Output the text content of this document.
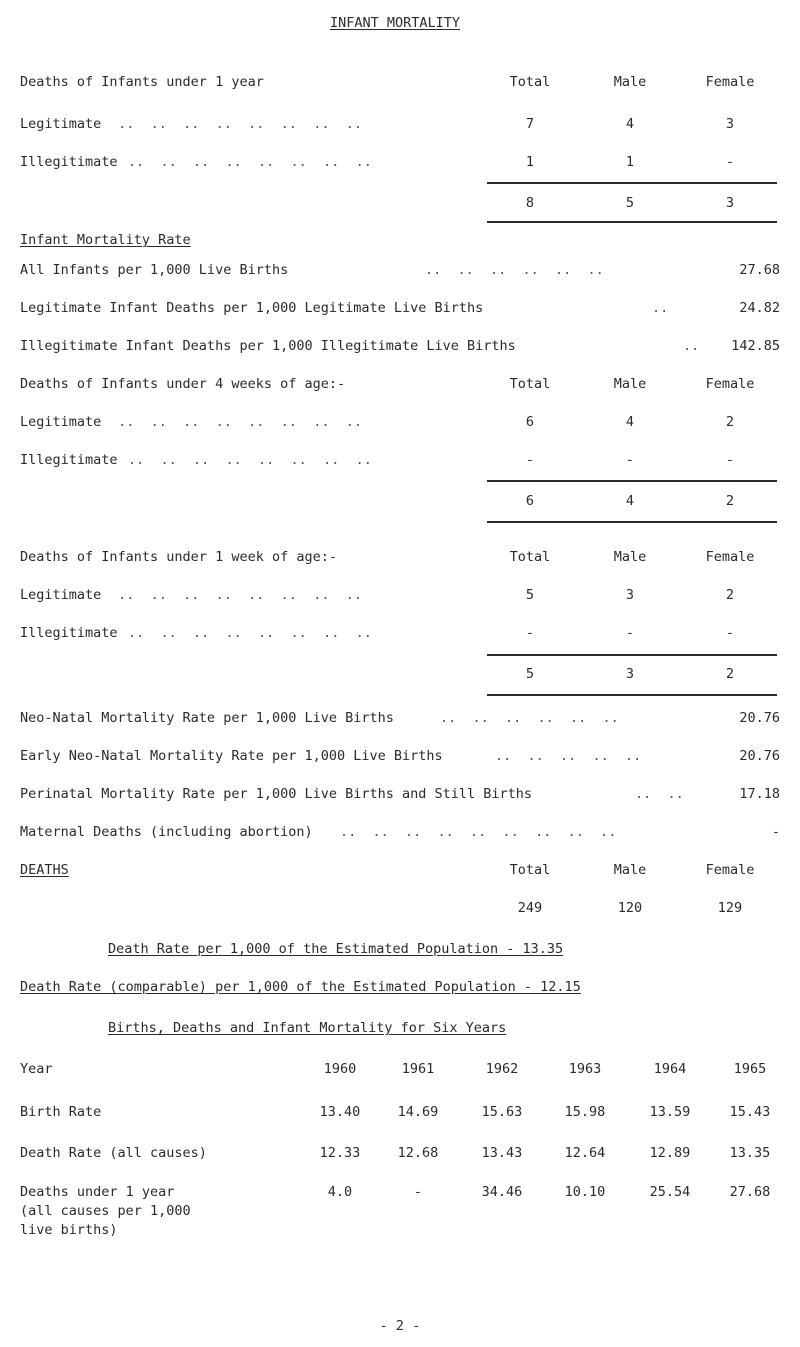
INFANT MORTALITY
Deaths of Infants under 1 year	Total	Male	Female
Legitimate ..  ..  ..  ..  ..  ..  ..  ..	7	4	3
Illegitimate ..  ..  ..  ..  ..  ..  ..  ..	1	1	-
8	5	3
Infant Mortality Rate
All Infants per 1,000 Live Births	..  ..  ..  ..  ..  ..	27.68
Legitimate Infant Deaths per 1,000 Legitimate Live Births	..	24.82
Illegitimate Infant Deaths per 1,000 Illegitimate Live Births	..	142.85
Deaths of Infants under 4 weeks of age:-	Total	Male	Female
Legitimate ..  ..  ..  ..  ..  ..  ..  ..	6	4	2
Illegitimate ..  ..  ..  ..  ..  ..  ..  ..	-	-	-
6	4	2
Deaths of Infants under 1 week of age:-	Total	Male	Female
Legitimate ..  ..  ..  ..  ..  ..  ..  ..	5	3	2
Illegitimate ..  ..  ..  ..  ..  ..  ..  ..	-	-	-
5	3	2
Neo-Natal Mortality Rate per 1,000 Live Births	..  ..  ..  ..  ..  ..	20.76
Early Neo-Natal Mortality Rate per 1,000 Live Births	..  ..  ..  ..  ..	20.76
Perinatal Mortality Rate per 1,000 Live Births and Still Births	..  ..	17.18
Maternal Deaths (including abortion) ..  ..  ..  ..  ..  ..  ..  ..  ..	-
DEATHS	Total	Male	Female
249	120	129
Death Rate per 1,000 of the Estimated Population - 13.35
Death Rate (comparable) per 1,000 of the Estimated Population - 12.15
Births, Deaths and Infant Mortality for Six Years
Year	1960	1961	1962	1963	1964	1965
Birth Rate	13.40	14.69	15.63	15.98	13.59	15.43
Death Rate (all causes)	12.33	12.68	13.43	12.64	12.89	13.35
Deaths under 1 year
(all causes per 1,000
live births)
4.0	-	34.46	10.10	25.54	27.68
- 2 -
